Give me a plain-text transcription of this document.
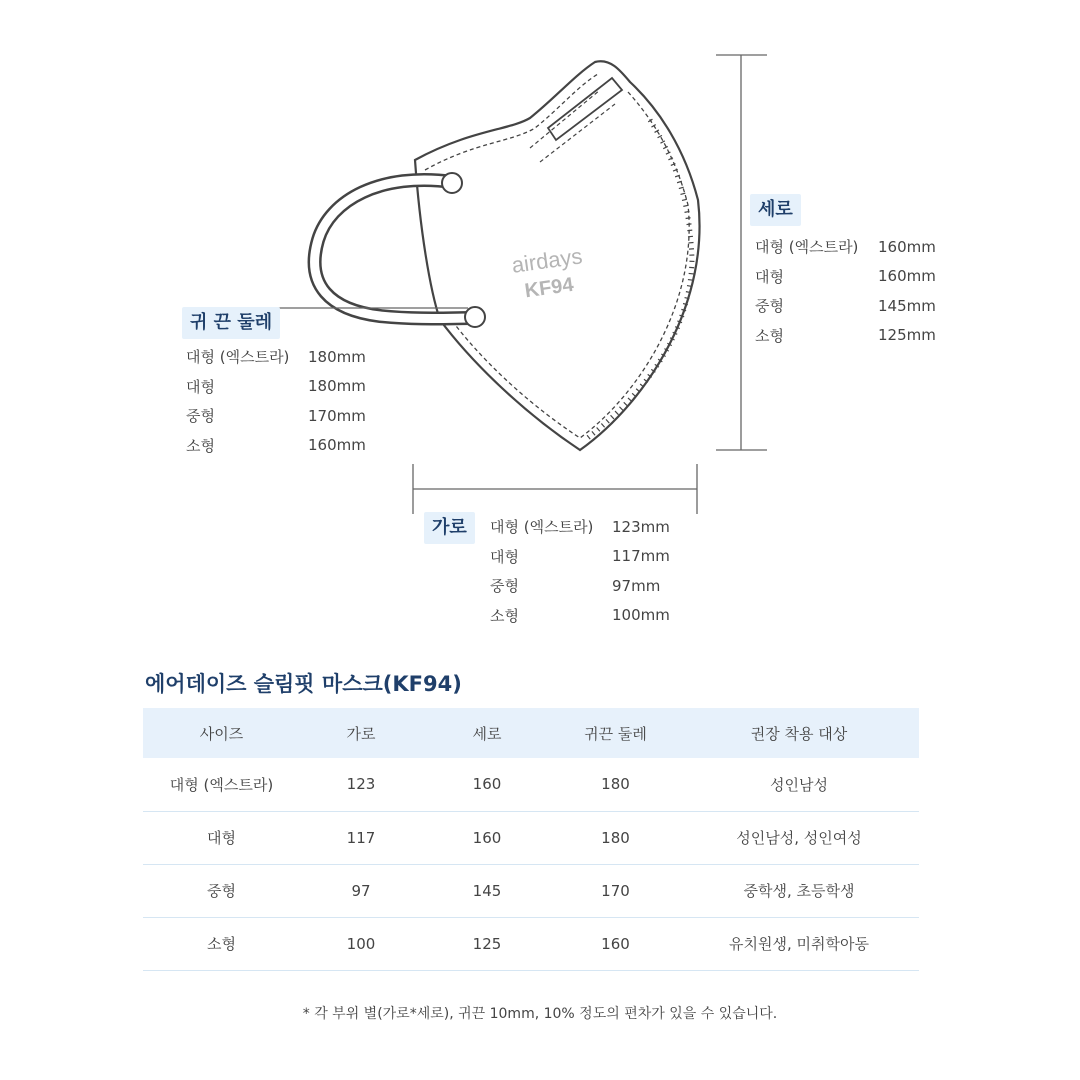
airdays
KF94
귀 끈 둘레
대형 (엑스트라)	180mm
대형	180mm
중형	170mm
소형	160mm
세로
대형 (엑스트라)	160mm
대형	160mm
중형	145mm
소형	125mm
가로	대형 (엑스트라)	123mm
대형	117mm
중형	97mm
소형	100mm
에어데이즈 슬림핏 마스크(KF94)
사이즈	가로	세로	귀끈 둘레	권장 착용 대상
대형 (엑스트라)	123	160	180	성인남성
대형	117	160	180	성인남성, 성인여성
중형	97	145	170	중학생, 초등학생
소형	100	125	160	유치원생, 미취학아동
* 각 부위 별(가로*세로), 귀끈 10mm, 10% 정도의 편차가 있을 수 있습니다.
